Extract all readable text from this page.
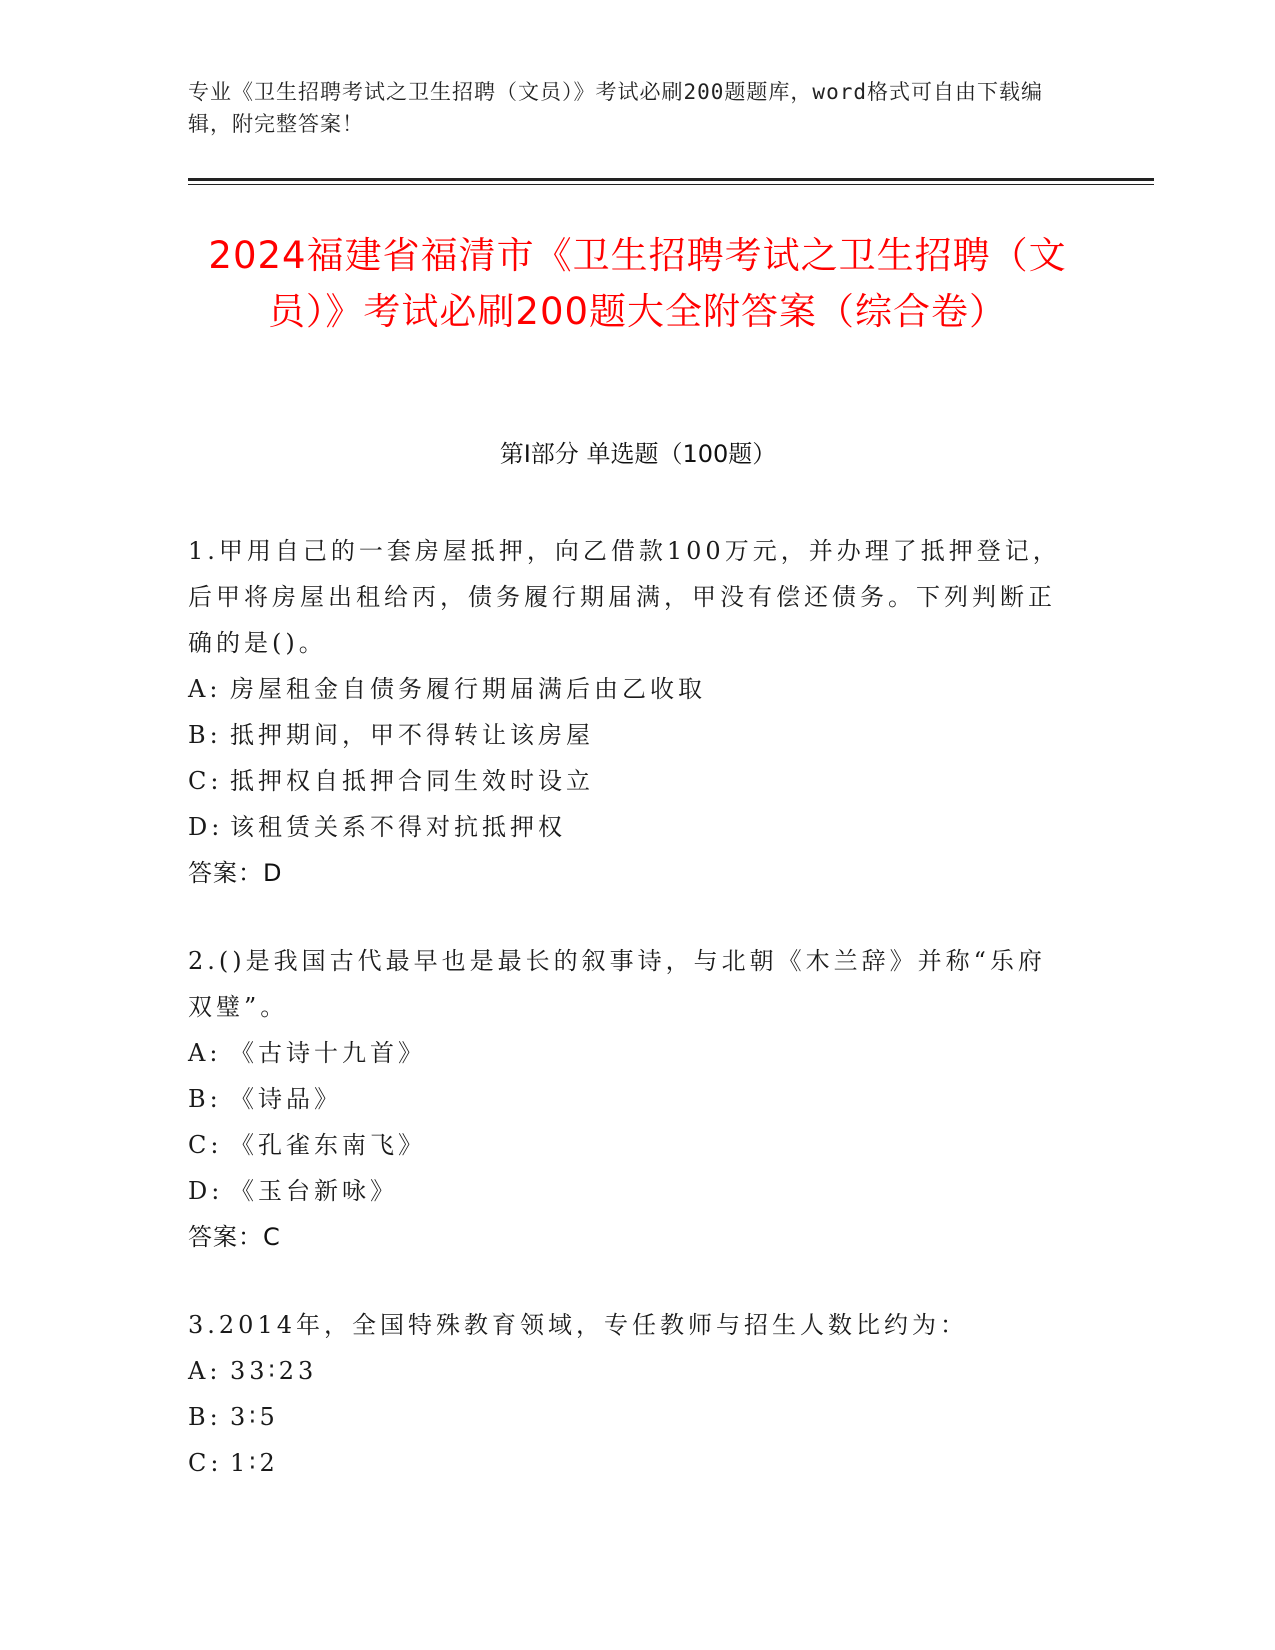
专业《卫生招聘考试之卫生招聘（文员）》考试必刷200题题库，word格式可自由下载编辑，附完整答案！
2024福建省福清市《卫生招聘考试之卫生招聘（文员）》考试必刷200题大全附答案（综合卷）
第Ⅰ部分 单选题（100题）
1.甲用自己的一套房屋抵押，向乙借款100万元，并办理了抵押登记，后甲将房屋出租给丙，债务履行期届满，甲没有偿还债务。下列判断正确的是()。
A: 房屋租金自债务履行期届满后由乙收取
B: 抵押期间，甲不得转让该房屋
C: 抵押权自抵押合同生效时设立
D: 该租赁关系不得对抗抵押权
答案：D
2.()是我国古代最早也是最长的叙事诗，与北朝《木兰辞》并称“乐府双璧”。
A: 《古诗十九首》
B: 《诗品》
C: 《孔雀东南飞》
D: 《玉台新咏》
答案：C
3.2014年，全国特殊教育领域，专任教师与招生人数比约为：
A: 33∶23
B: 3∶5
C: 1∶2
